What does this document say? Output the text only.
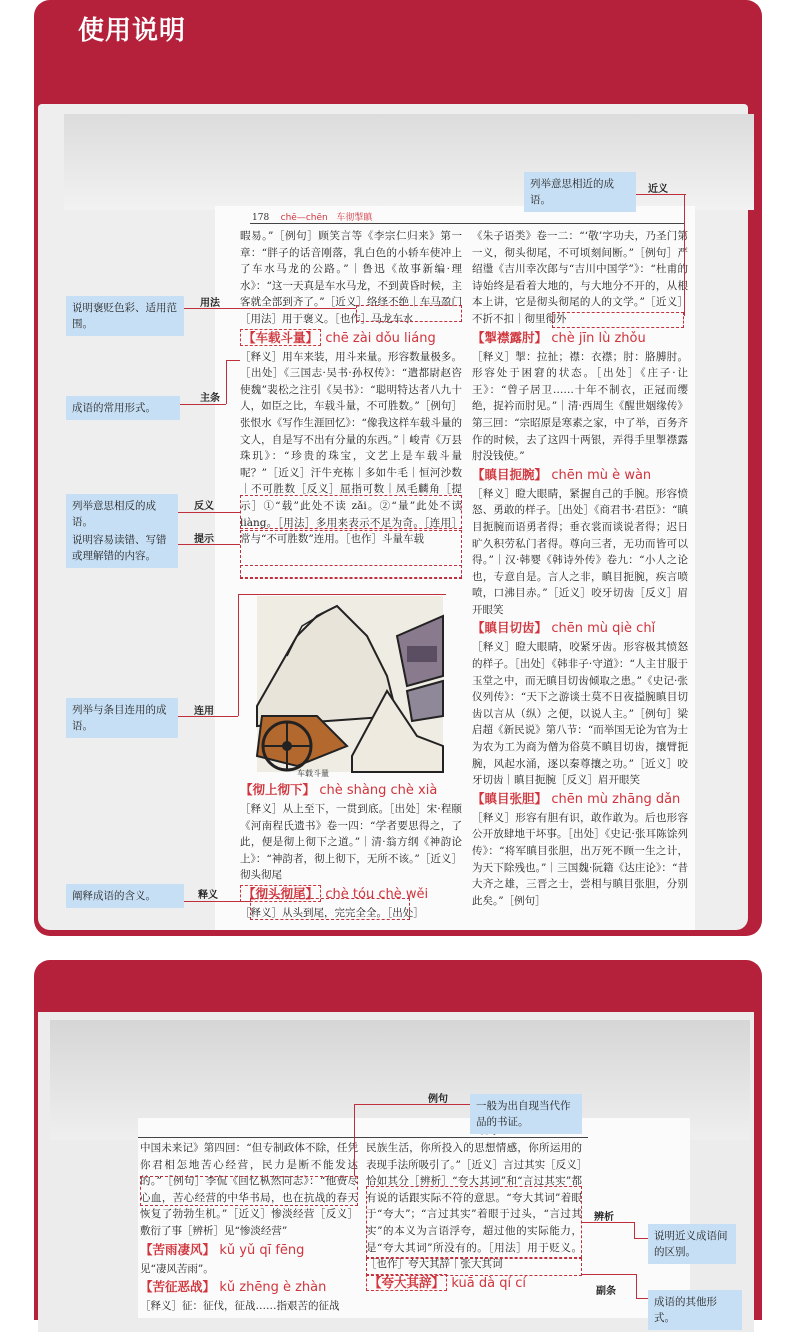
使用说明
178 chē—chēn 车彻掣瞋

暇易。”［例句］顾笑言等《李宗仁归来》第一章：“胖子的话音刚落，乳白色的小轿车使冲上了车水马龙的公路。”｜鲁迅《故事新编·理水》：“这一天真是车水马龙，不到黄昏时候，主客就全部到齐了。”［近义］络绎不绝｜车马盈门［用法］用于褒义。［也作］马龙车水

【车载斗量】 chē zài dǒu liáng

［释义］用车来装，用斗来量。形容数量极多。［出处］《三国志·吴书·孙权传》：“遣都尉赵咨使魏”裴松之注引《吴书》：“聪明特达者八九十人，如臣之比，车载斗量，不可胜数。”［例句］张恨水《写作生涯回忆》：“像我这样车载斗量的文人，自是写不出有分量的东西。”｜峻青《万县珠玑》：“珍贵的珠宝，文艺上是车载斗量呢？”［近义］汗牛充栋｜多如牛毛｜恒河沙数｜不可胜数［反义］屈指可数｜凤毛麟角［提示］①“载”此处不读 zǎi。②“量”此处不读 liàng。［用法］多用来表示不足为奇。［连用］常与“不可胜数”连用。［也作］斗量车载

车载斗量
【彻上彻下】 chè shàng chè xià

［释义］从上至下，一贯到底。［出处］宋·程颐《河南程氏遗书》卷一四：“学者要思得之，了此，便是彻上彻下之道。”｜清·翁方纲《神韵论上》：“神韵者，彻上彻下，无所不该。”［近义］彻头彻尾

【彻头彻尾】 chè tóu chè wěi

［释义］从头到尾，完完全全。［出处］

《朱子语类》卷一二：“‘敬’字功夫，乃圣门第一义，彻头彻尾，不可顷刻间断。”［例句］严绍璗《吉川幸次郎与“吉川中国学”》：“杜甫的诗始终是看着大地的，与大地分不开的，从根本上讲，它是彻头彻尾的人的文学。”［近义］不折不扣｜彻里彻外

【掣襟露肘】 chè jīn lù zhǒu

［释义］掣：拉扯；襟：衣襟；肘：胳膊肘。形容处于困窘的状态。［出处］《庄子·让王》：“曾子居卫……十年不制衣，正冠而缨绝，捉衿而肘见。”｜清·西周生《醒世姻缘传》第三回：“宗昭原是寒素之家，中了举，百务齐作的时候，去了这四十两银，弄得手里掣襟露肘没钱使。”

【瞋目扼腕】 chēn mù è wàn

［释义］瞪大眼睛，紧握自己的手腕。形容愤怒、勇敢的样子。［出处］《商君书·君臣》：“瞋目扼腕而语勇者得；垂衣裳而谈说者得；迟日旷久积劳私门者得。尊向三者，无功而皆可以得。”｜汉·韩婴《韩诗外传》卷九：“小人之论也，专意自是。言人之非，瞋目扼腕，疾言喷喷，口沸目赤。”［近义］咬牙切齿［反义］眉开眼笑

【瞋目切齿】 chēn mù qiè chǐ

［释义］瞪大眼睛，咬紧牙齿。形容极其愤怒的样子。［出处］《韩非子·守道》：“人主甘服于玉堂之中，而无瞋目切齿倾取之患。”《史记·张仪列传》：“天下之游谈士莫不日夜搤腕瞋目切齿以言从（纵）之便，以说人主。”［例句］梁启超《新民说》第八节：“而举国无论为官为士为农为工为商为僧为俗莫不瞋目切齿，攘臂扼腕，风起水涌，逐以秦尊攘之功。”［近义］咬牙切齿｜瞋目扼腕［反义］眉开眼笑

【瞋目张胆】 chēn mù zhāng dǎn

［释义］形容有胆有识，敢作敢为。后也形容公开放肆地干坏事。［出处］《史记·张耳陈馀列传》：“将军瞋目张胆，出万死不顾一生之计，为天下除残也。”｜三国魏·阮籍《达庄论》：“昔大齐之雄，三晋之士，尝相与瞋目张胆，分别此矣。”［例句］

列举意思相近的成语。
近义
说明褒贬色彩、适用范围。
用法
成语的常用形式。
主条
列举意思相反的成语。
反义
说明容易读错、写错或理解错的内容。
提示
列举与条目连用的成语。
连用
阐释成语的含义。	释义

中国未来记》第四回：“但专制政体不除，任凭你君相怎地苦心经营，民力是断不能发达的。”［例句］李侃《回忆枞然同志》：“他费尽心血，苦心经营的中华书局，也在抗战的春天恢复了勃勃生机。”［近义］惨淡经营［反义］敷衍了事［辨析］见“惨淡经营”

【苦雨凄风】 kǔ yǔ qī fēng

见“凄风苦雨”。

【苦征恶战】 kǔ zhēng è zhàn

［释义］征：征伐，征战……指艰苦的征战

民族生活，你所投入的思想情感，你所运用的表现手法所吸引了。”［近义］言过其实［反义］恰如其分［辨析］“夸大其词”和“言过其实”都有说的话跟实际不符的意思。“夸大其词”着眼于“夸大”；“言过其实”着眼于过头，“言过其实”的本义为言语浮夸，超过他的实际能力，是“夸大其词”所没有的。［用法］用于贬义。［也作］夸大其辞｜张大其词

【夸大其辞】 kuā dà qí cí
一般为出自现当代作品的书证。
例句
说明近义成语间的区别。
辨析
成语的其他形式。
副条
